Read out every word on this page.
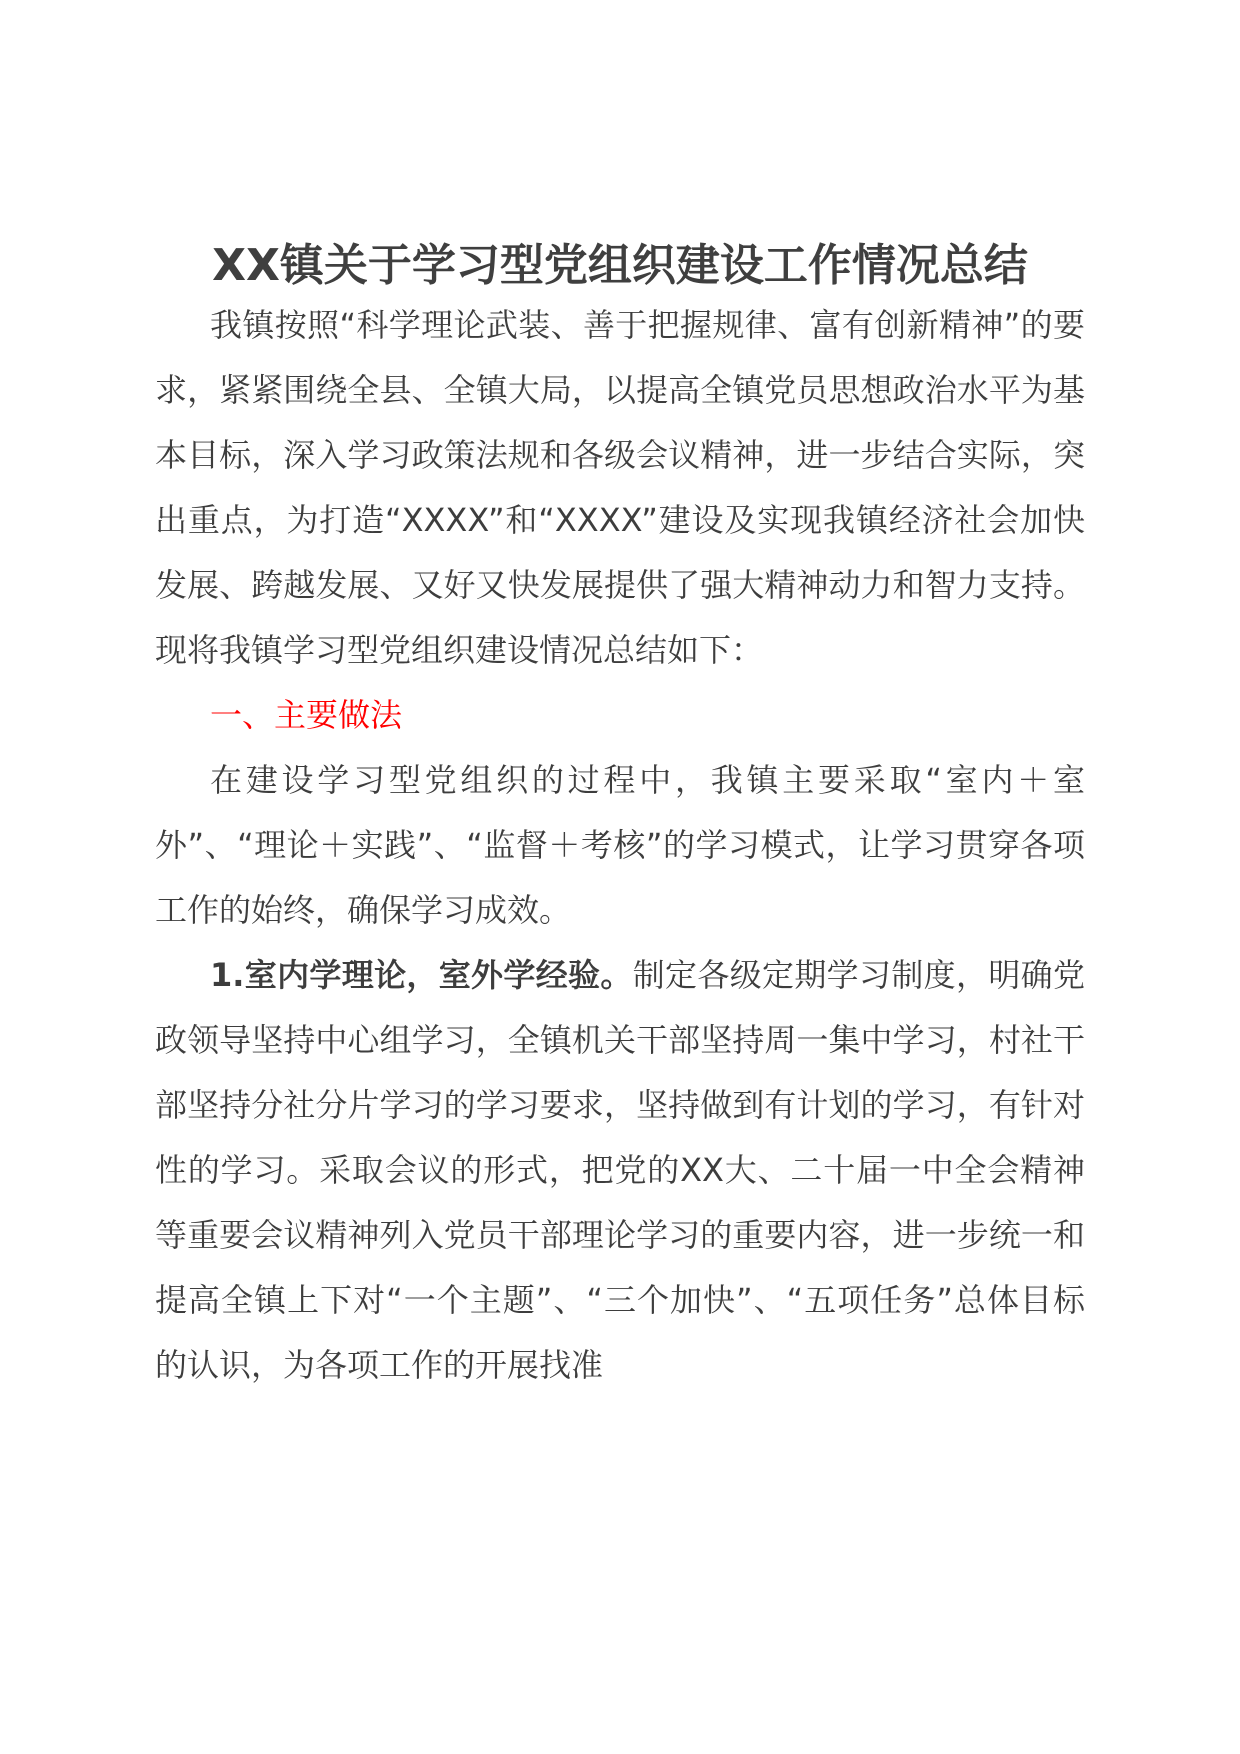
XX镇关于学习型党组织建设工作情况总结

我镇按照“科学理论武装、善于把握规律、富有创新精神”的要求，紧紧围绕全县、全镇大局，以提高全镇党员思想政治水平为基本目标，深入学习政策法规和各级会议精神，进一步结合实际，突出重点，为打造“XXXX”和“XXXX”建设及实现我镇经济社会加快发展、跨越发展、又好又快发展提供了强大精神动力和智力支持。现将我镇学习型党组织建设情况总结如下：

一、主要做法

在建设学习型党组织的过程中，我镇主要采取“室内＋室外”、“理论＋实践”、“监督＋考核”的学习模式，让学习贯穿各项工作的始终，确保学习成效。

1.室内学理论，室外学经验。制定各级定期学习制度，明确党政领导坚持中心组学习，全镇机关干部坚持周一集中学习，村社干部坚持分社分片学习的学习要求，坚持做到有计划的学习，有针对性的学习。采取会议的形式，把党的XX大、二十届一中全会精神等重要会议精神列入党员干部理论学习的重要内容，进一步统一和提高全镇上下对“一个主题”、“三个加快”、“五项任务”总体目标的认识，为各项工作的开展找准
